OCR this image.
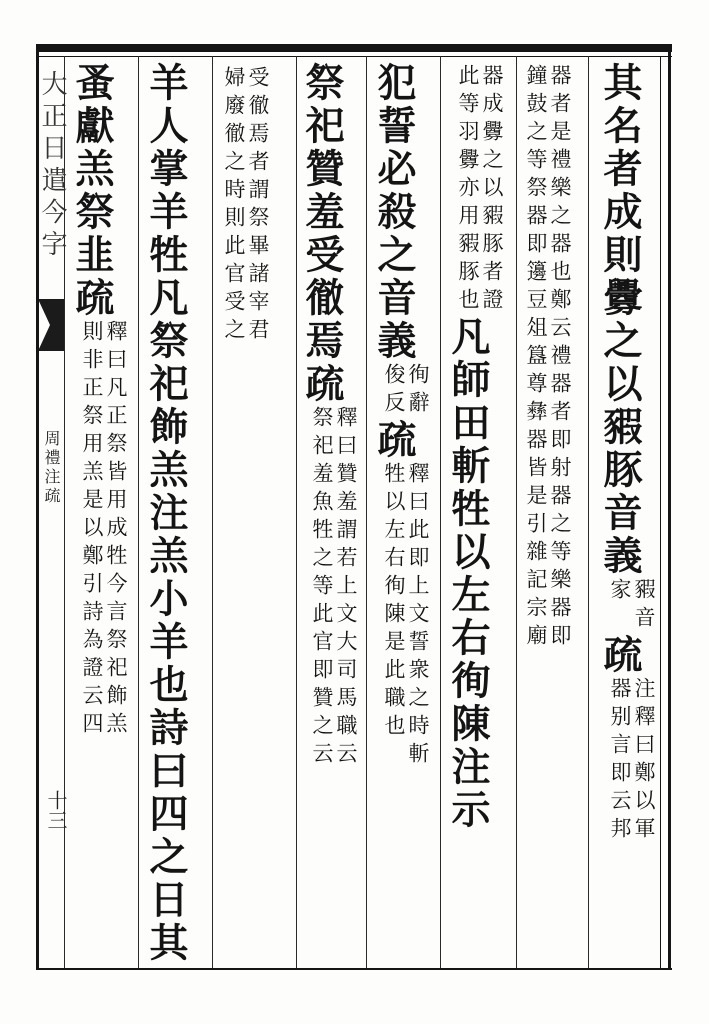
大正日遣今字
周禮注疏
十三
其名者成則釁之以豭豚音義
豭音
家
疏
注釋曰鄭以軍
器别言即云邦
器者是禮樂之器也鄭云禮器者即射器之等樂器即
鐘鼓之等祭器即籩豆俎簋尊彝器皆是引雜記宗廟
器成釁之以豭豚者證
此等羽釁亦用豭豚也
凡師田斬牲以左右徇陳注示
犯誓必殺之音義
徇辭
俊反
疏
釋曰此即上文誓衆之時斬
牲以左右徇陳是此職也
祭祀贊羞受徹焉疏
釋曰贊羞謂若上文大司馬職云
祭祀羞魚牲之等此官即贊之云
受徹焉者謂祭畢諸宰君
婦廢徹之時則此官受之
羊人掌羊牲凡祭祀飾羔注羔小羊也詩曰四之日其
蚤獻羔祭韭疏
釋曰凡正祭皆用成牲今言祭祀飾羔
則非正祭用羔是以鄭引詩為證云四
